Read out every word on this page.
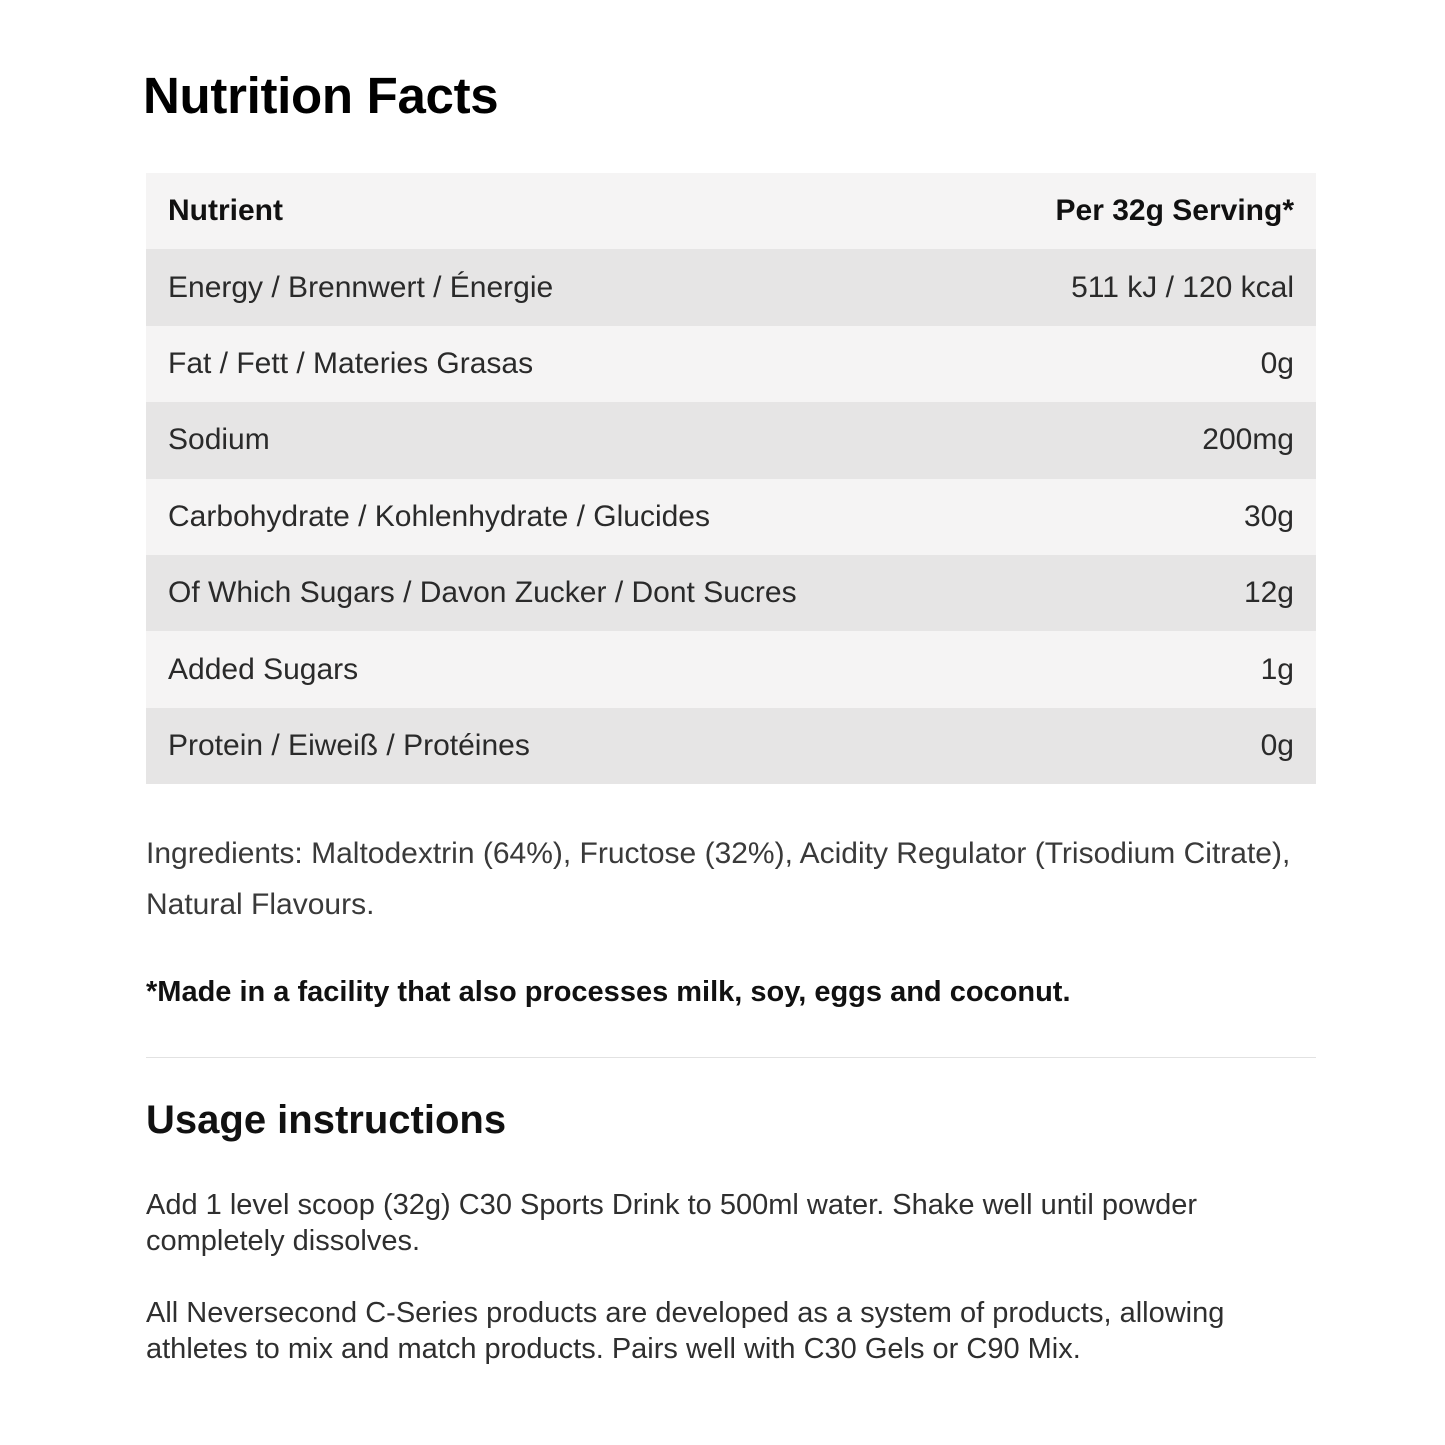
Nutrition Facts
Nutrient	Per 32g Serving*
Energy / Brennwert / Énergie	511 kJ / 120 kcal
Fat / Fett / Materies Grasas	0g
Sodium	200mg
Carbohydrate / Kohlenhydrate / Glucides	30g
Of Which Sugars / Davon Zucker / Dont Sucres	12g
Added Sugars	1g
Protein / Eiweiß / Protéines	0g

Ingredients: Maltodextrin (64%), Fructose (32%), Acidity Regulator (Trisodium Citrate), Natural Flavours.

*Made in a facility that also processes milk, soy, eggs and coconut.

Usage instructions

Add 1 level scoop (32g) C30 Sports Drink to 500ml water. Shake well until powder completely dissolves.

All Neversecond C-Series products are developed as a system of products, allowing athletes to mix and match products. Pairs well with C30 Gels or C90 Mix.
